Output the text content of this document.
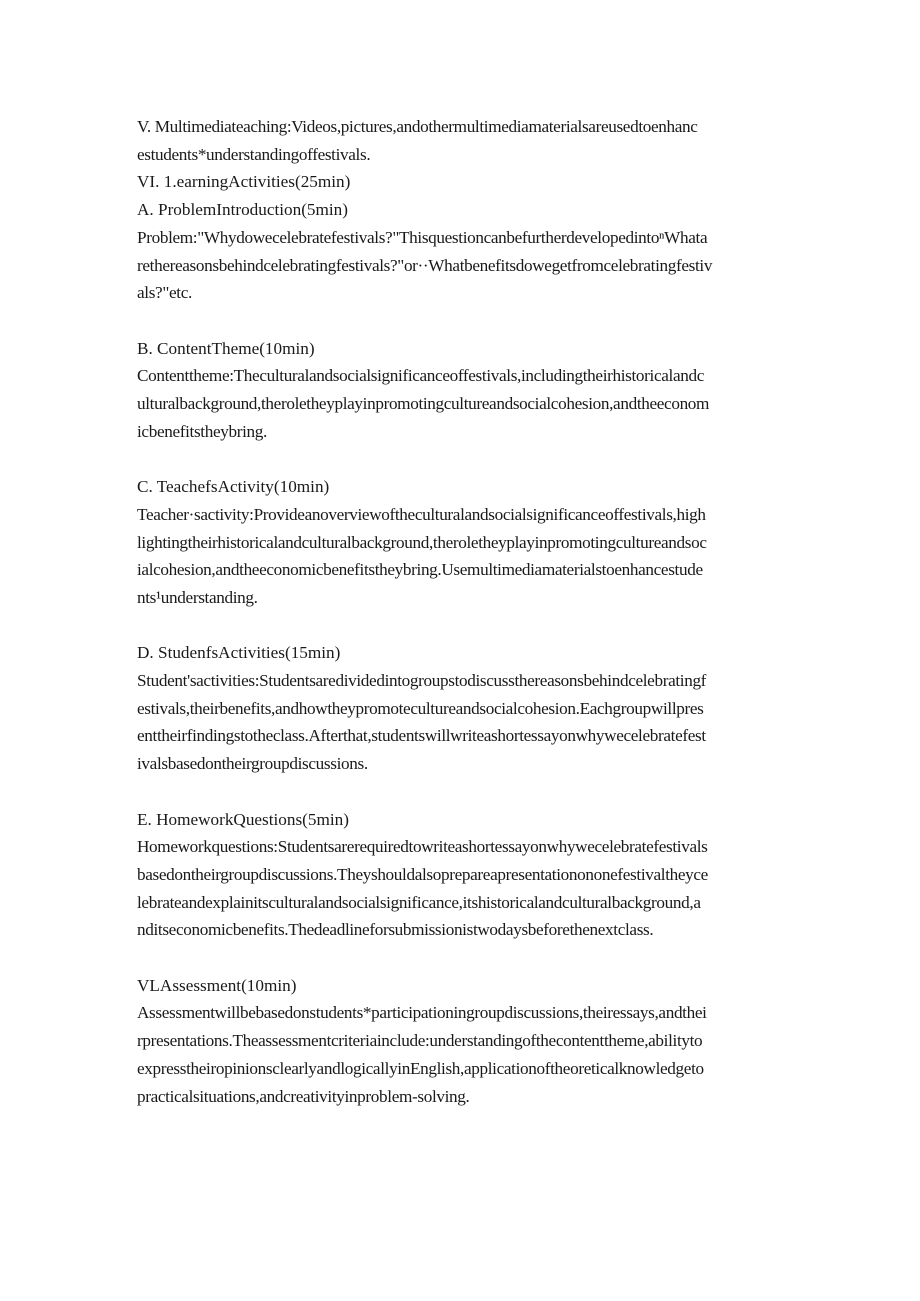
V. Multimediateaching:Videos,pictures,andothermultimediamaterialsareusedtoenhanc

estudents*understandingoffestivals.

VI. 1.earningActivities(25min)

A. ProblemIntroduction(5min)

Problem:"Whydowecelebratefestivals?"ThisquestioncanbefurtherdevelopedintoⁿWhata

rethereasonsbehindcelebratingfestivals?"or··Whatbenefitsdowegetfromcelebratingfestiv

als?"etc.

B. ContentTheme(10min)

Contenttheme:Theculturalandsocialsignificanceoffestivals,includingtheirhistoricalandc

ulturalbackground,theroletheyplayinpromotingcultureandsocialcohesion,andtheeconom

icbenefitstheybring.

C. TeachefsActivity(10min)

Teacher·sactivity:Provideanoverviewoftheculturalandsocialsignificanceoffestivals,high

lightingtheirhistoricalandculturalbackground,theroletheyplayinpromotingcultureandsoc

ialcohesion,andtheeconomicbenefitstheybring.Usemultimediamaterialstoenhancestude

nts¹understanding.

D. StudenfsActivities(15min)

Student'sactivities:Studentsaredividedintogroupstodiscussthereasonsbehindcelebratingf

estivals,theirbenefits,andhowtheypromotecultureandsocialcohesion.Eachgroupwillpres

enttheirfindingstotheclass.Afterthat,studentswillwriteashortessayonwhywecelebratefest

ivalsbasedontheirgroupdiscussions.

E. HomeworkQuestions(5min)

Homeworkquestions:Studentsarerequiredtowriteashortessayonwhywecelebratefestivals

basedontheirgroupdiscussions.Theyshouldalsoprepareapresentationononefestivaltheyce

lebrateandexplainitsculturalandsocialsignificance,itshistoricalandculturalbackground,a

nditseconomicbenefits.Thedeadlineforsubmissionistwodaysbeforethenextclass.

VLAssessment(10min)

Assessmentwillbebasedonstudents*participationingroupdiscussions,theiressays,andthei

rpresentations.Theassessmentcriteriainclude:understandingofthecontenttheme,abilityto

expresstheiropinionsclearlyandlogicallyinEnglish,applicationoftheoreticalknowledgeto

practicalsituations,andcreativityinproblem-solving.
